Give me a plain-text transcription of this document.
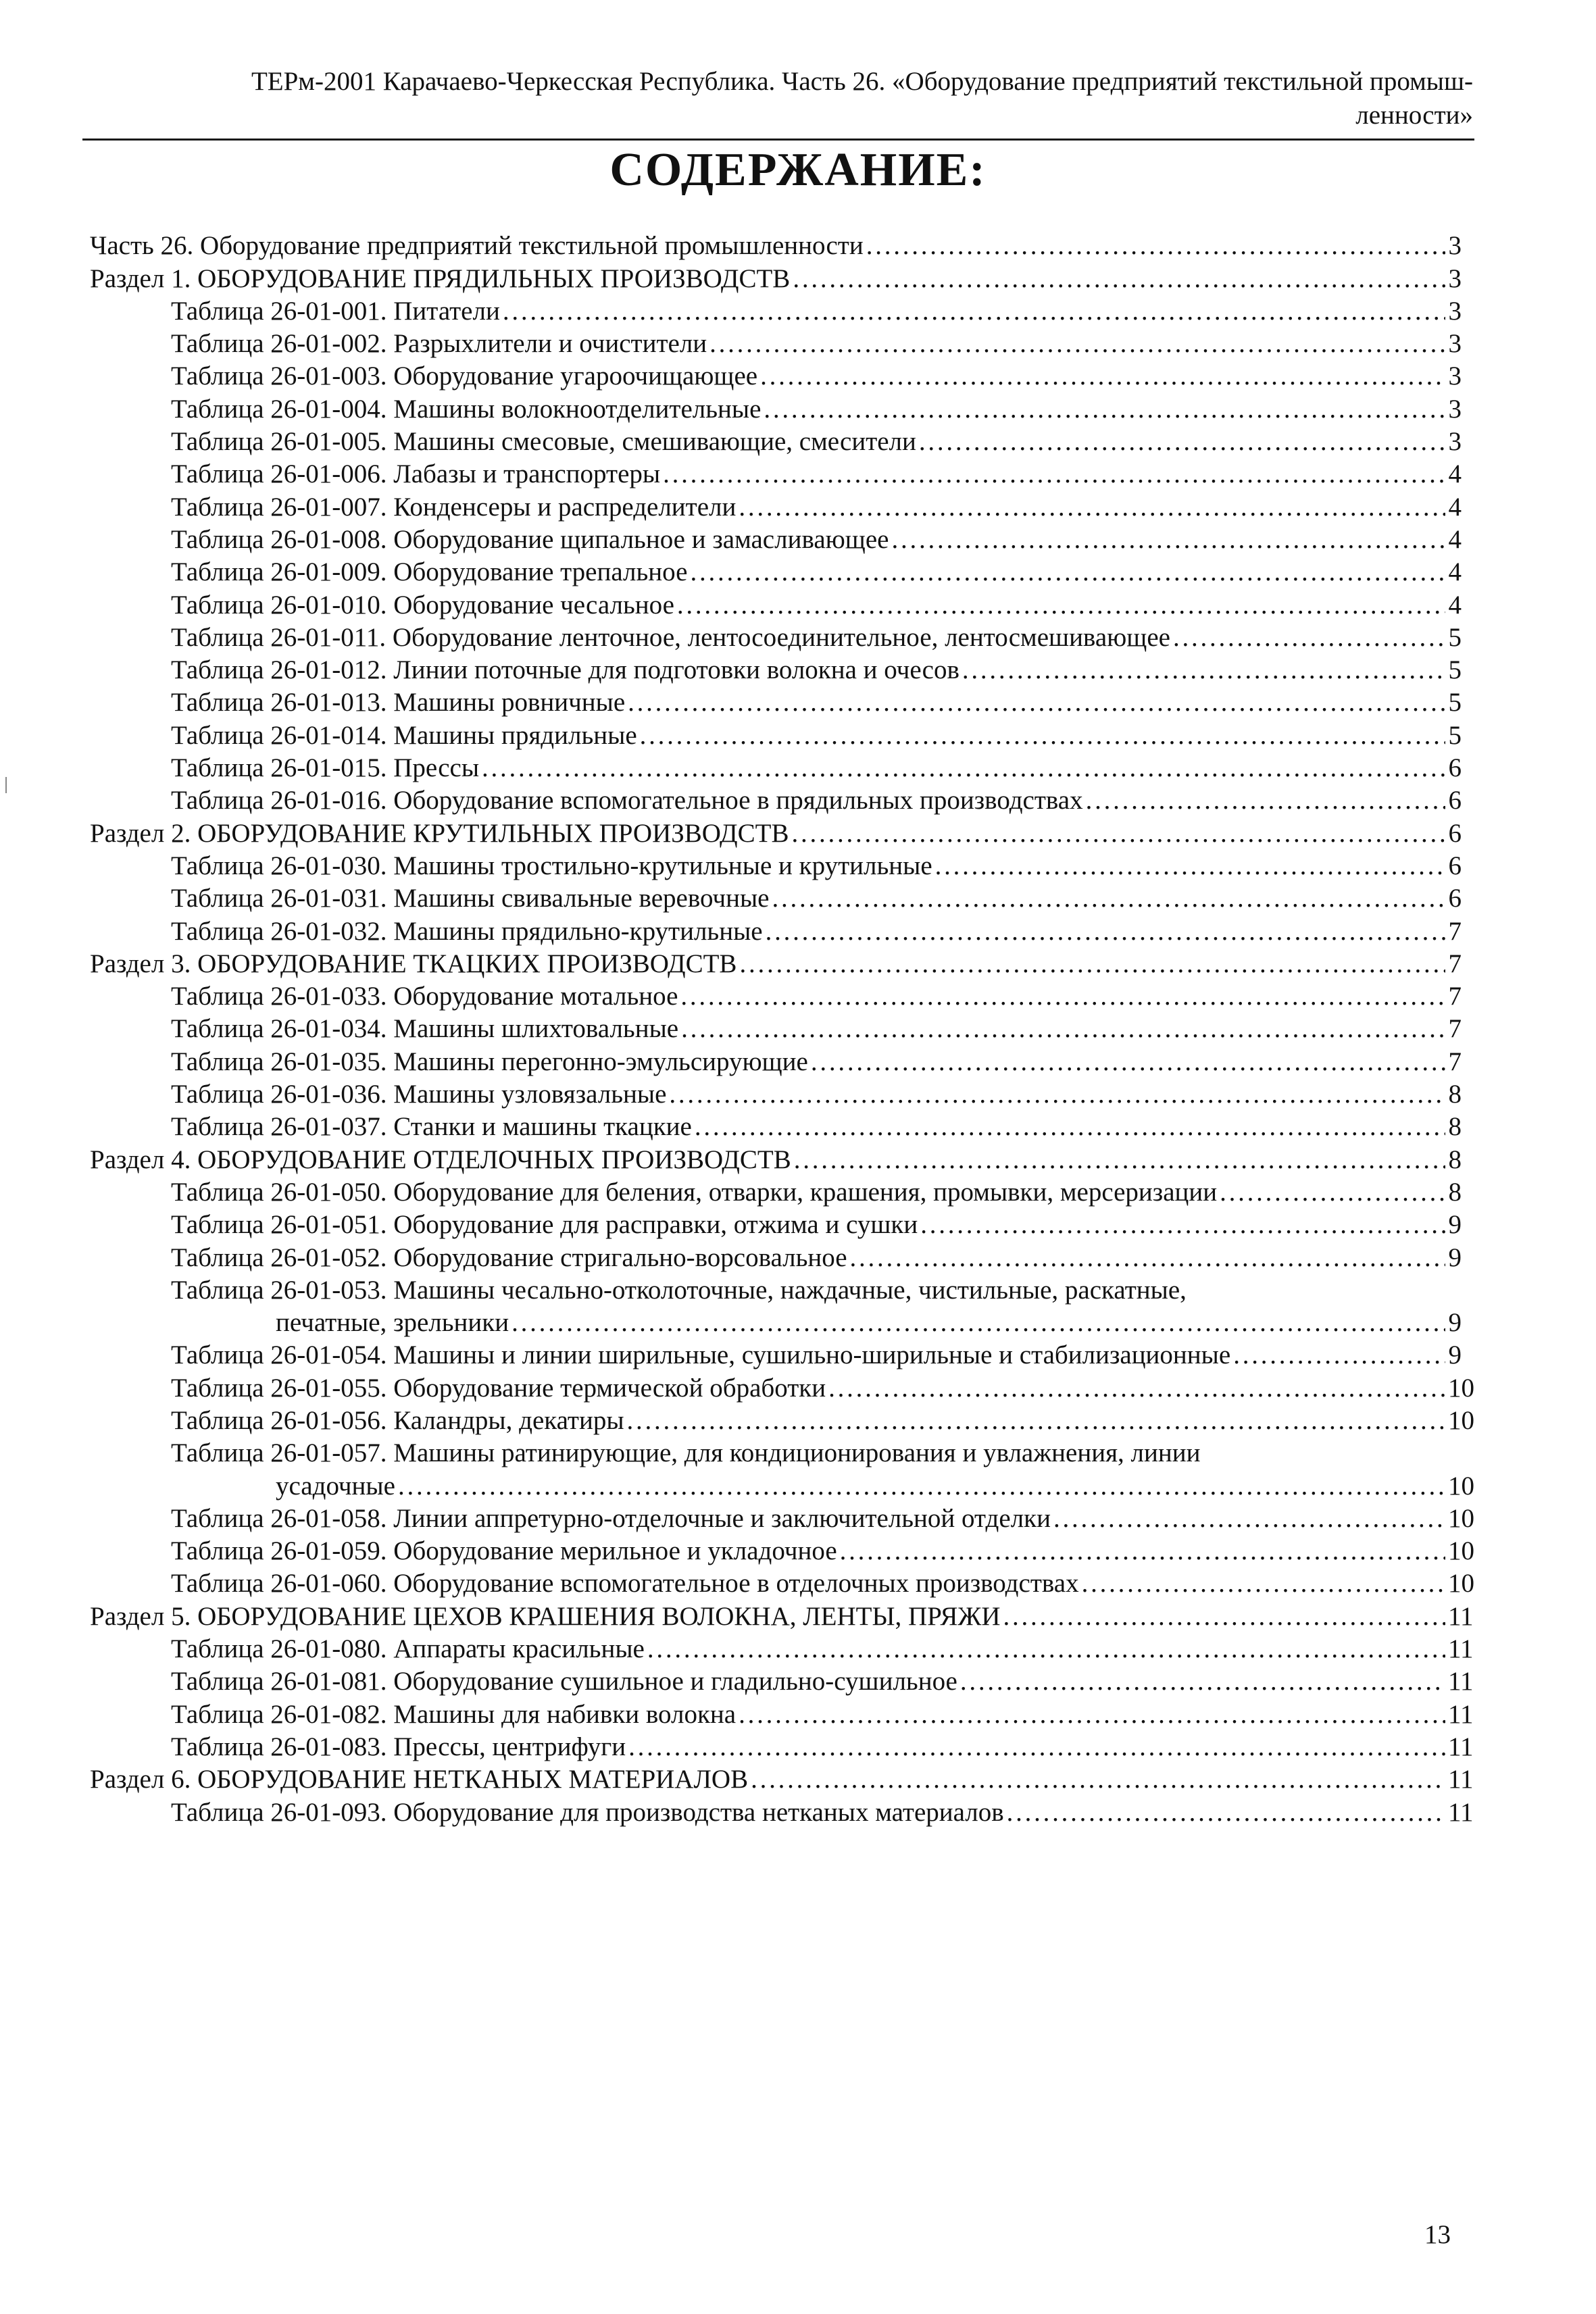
ТЕРм-2001 Карачаево-Черкесская Республика. Часть 26. «Оборудование предприятий текстильной промыш-
ленности»
СОДЕРЖАНИЕ:
Часть 26. Оборудование предприятий текстильной промышленности . . .	3
Раздел 1. ОБОРУДОВАНИЕ ПРЯДИЛЬНЫХ ПРОИЗВОДСТВ . . .	3
Таблица 26-01-001. Питатели . . .	3
Таблица 26-01-002. Разрыхлители и очистители . . .	3
Таблица 26-01-003. Оборудование угароочищающее . . .	3
Таблица 26-01-004. Машины волокноотделительные . . .	3
Таблица 26-01-005. Машины смесовые, смешивающие, смесители . . .	3
Таблица 26-01-006. Лабазы и транспортеры . . .	4
Таблица 26-01-007. Конденсеры и распределители . . .	4
Таблица 26-01-008. Оборудование щипальное и замасливающее . . .	4
Таблица 26-01-009. Оборудование трепальное . . .	4
Таблица 26-01-010. Оборудование чесальное . . .	4
Таблица 26-01-011. Оборудование ленточное, лентосоединительное, лентосмешивающее . . .	5
Таблица 26-01-012. Линии поточные для подготовки волокна и очесов . . .	5
Таблица 26-01-013. Машины ровничные . . .	5
Таблица 26-01-014. Машины прядильные . . .	5
Таблица 26-01-015. Прессы . . .	6
Таблица 26-01-016. Оборудование вспомогательное в прядильных производствах . . .	6
Раздел 2. ОБОРУДОВАНИЕ КРУТИЛЬНЫХ ПРОИЗВОДСТВ . . .	6
Таблица 26-01-030. Машины тростильно-крутильные и крутильные . . .	6
Таблица 26-01-031. Машины свивальные веревочные . . .	6
Таблица 26-01-032. Машины прядильно-крутильные . . .	7
Раздел 3. ОБОРУДОВАНИЕ ТКАЦКИХ ПРОИЗВОДСТВ . . .	7
Таблица 26-01-033. Оборудование мотальное . . .	7
Таблица 26-01-034. Машины шлихтовальные . . .	7
Таблица 26-01-035. Машины перегонно-эмульсирующие . . .	7
Таблица 26-01-036. Машины узловязальные . . .	8
Таблица 26-01-037. Станки и машины ткацкие . . .	8
Раздел 4. ОБОРУДОВАНИЕ ОТДЕЛОЧНЫХ ПРОИЗВОДСТВ . . .	8
Таблица 26-01-050. Оборудование для беления, отварки, крашения, промывки, мерсеризации . . .	8
Таблица 26-01-051. Оборудование для расправки, отжима и сушки . . .	9
Таблица 26-01-052. Оборудование стригально-ворсовальное . . .	9
Таблица 26-01-053. Машины чесально-отколоточные, наждачные, чистильные, раскатные,
печатные, зрельники . . .	9
Таблица 26-01-054. Машины и линии ширильные, сушильно-ширильные и стабилизационные . . .	9
Таблица 26-01-055. Оборудование термической обработки . . .	10
Таблица 26-01-056. Каландры, декатиры . . .	10
Таблица 26-01-057. Машины ратинирующие, для кондиционирования и увлажнения, линии
усадочные . . .	10
Таблица 26-01-058. Линии аппретурно-отделочные и заключительной отделки . . .	10
Таблица 26-01-059. Оборудование мерильное и укладочное . . .	10
Таблица 26-01-060. Оборудование вспомогательное в отделочных производствах . . .	10
Раздел 5. ОБОРУДОВАНИЕ ЦЕХОВ КРАШЕНИЯ ВОЛОКНА, ЛЕНТЫ, ПРЯЖИ . . .	11
Таблица 26-01-080. Аппараты красильные . . .	11
Таблица 26-01-081. Оборудование сушильное и гладильно-сушильное . . .	11
Таблица 26-01-082. Машины для набивки волокна . . .	11
Таблица 26-01-083. Прессы, центрифуги . . .	11
Раздел 6. ОБОРУДОВАНИЕ НЕТКАНЫХ МАТЕРИАЛОВ . . .	11
Таблица 26-01-093. Оборудование для производства нетканых материалов . . .	11
13
